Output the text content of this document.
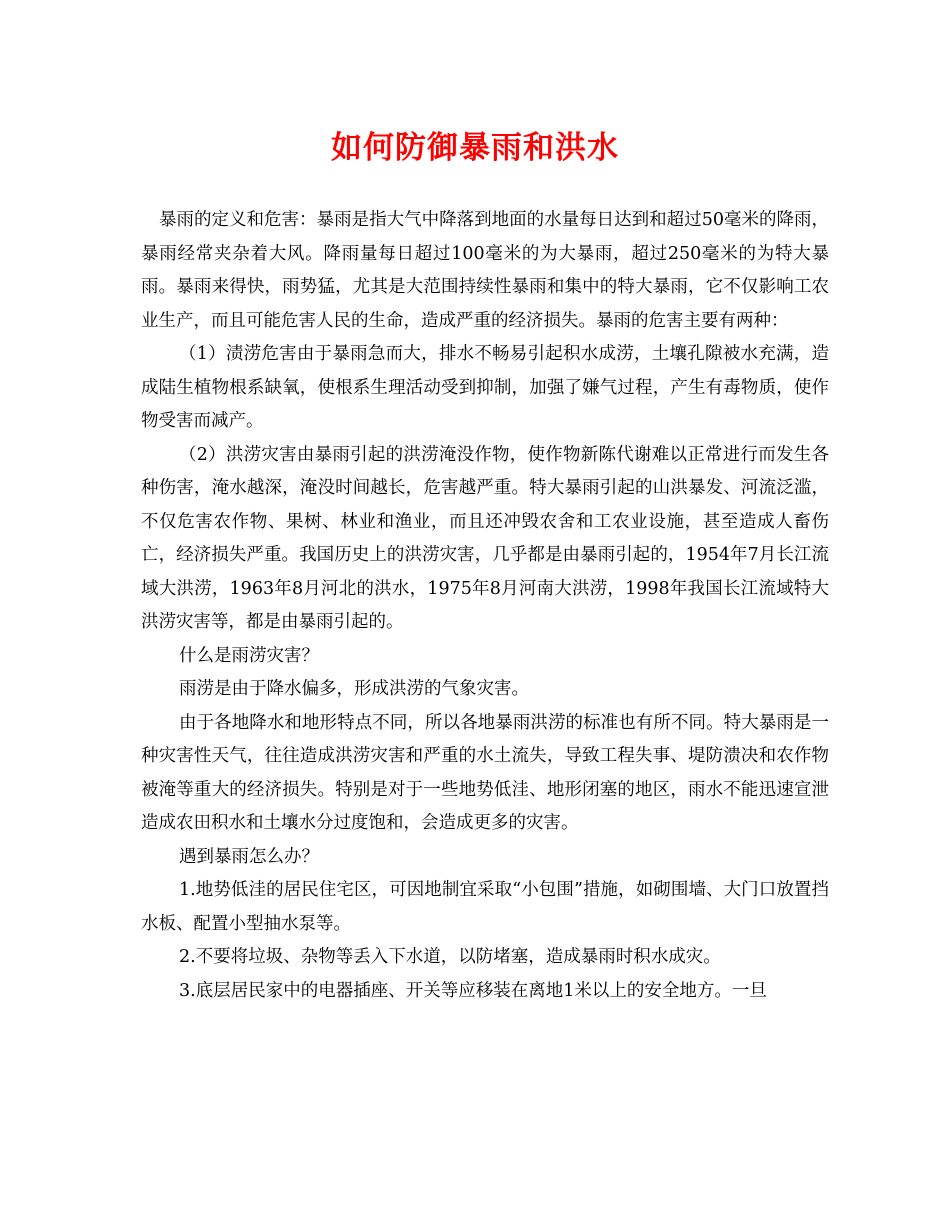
如何防御暴雨和洪水

暴雨的定义和危害：暴雨是指大气中降落到地面的水量每日达到和超过50毫米的降雨，暴雨经常夹杂着大风。降雨量每日超过100毫米的为大暴雨，超过250毫米的为特大暴雨。暴雨来得快，雨势猛，尤其是大范围持续性暴雨和集中的特大暴雨，它不仅影响工农业生产，而且可能危害人民的生命，造成严重的经济损失。暴雨的危害主要有两种：

（1）渍涝危害由于暴雨急而大，排水不畅易引起积水成涝，土壤孔隙被水充满，造成陆生植物根系缺氧，使根系生理活动受到抑制，加强了嫌气过程，产生有毒物质，使作物受害而减产。

（2）洪涝灾害由暴雨引起的洪涝淹没作物，使作物新陈代谢难以正常进行而发生各种伤害，淹水越深，淹没时间越长，危害越严重。特大暴雨引起的山洪暴发、河流泛滥，不仅危害农作物、果树、林业和渔业，而且还冲毁农舍和工农业设施，甚至造成人畜伤亡，经济损失严重。我国历史上的洪涝灾害，几乎都是由暴雨引起的，1954年7月长江流域大洪涝，1963年8月河北的洪水，1975年8月河南大洪涝，1998年我国长江流域特大洪涝灾害等，都是由暴雨引起的。

什么是雨涝灾害？

雨涝是由于降水偏多，形成洪涝的气象灾害。

由于各地降水和地形特点不同，所以各地暴雨洪涝的标准也有所不同。特大暴雨是一种灾害性天气，往往造成洪涝灾害和严重的水土流失，导致工程失事、堤防溃决和农作物被淹等重大的经济损失。特别是对于一些地势低洼、地形闭塞的地区，雨水不能迅速宣泄造成农田积水和土壤水分过度饱和，会造成更多的灾害。

遇到暴雨怎么办？

1.地势低洼的居民住宅区，可因地制宜采取“小包围”措施，如砌围墙、大门口放置挡水板、配置小型抽水泵等。

2.不要将垃圾、杂物等丢入下水道，以防堵塞，造成暴雨时积水成灾。

3.底层居民家中的电器插座、开关等应移装在离地1米以上的安全地方。一旦
